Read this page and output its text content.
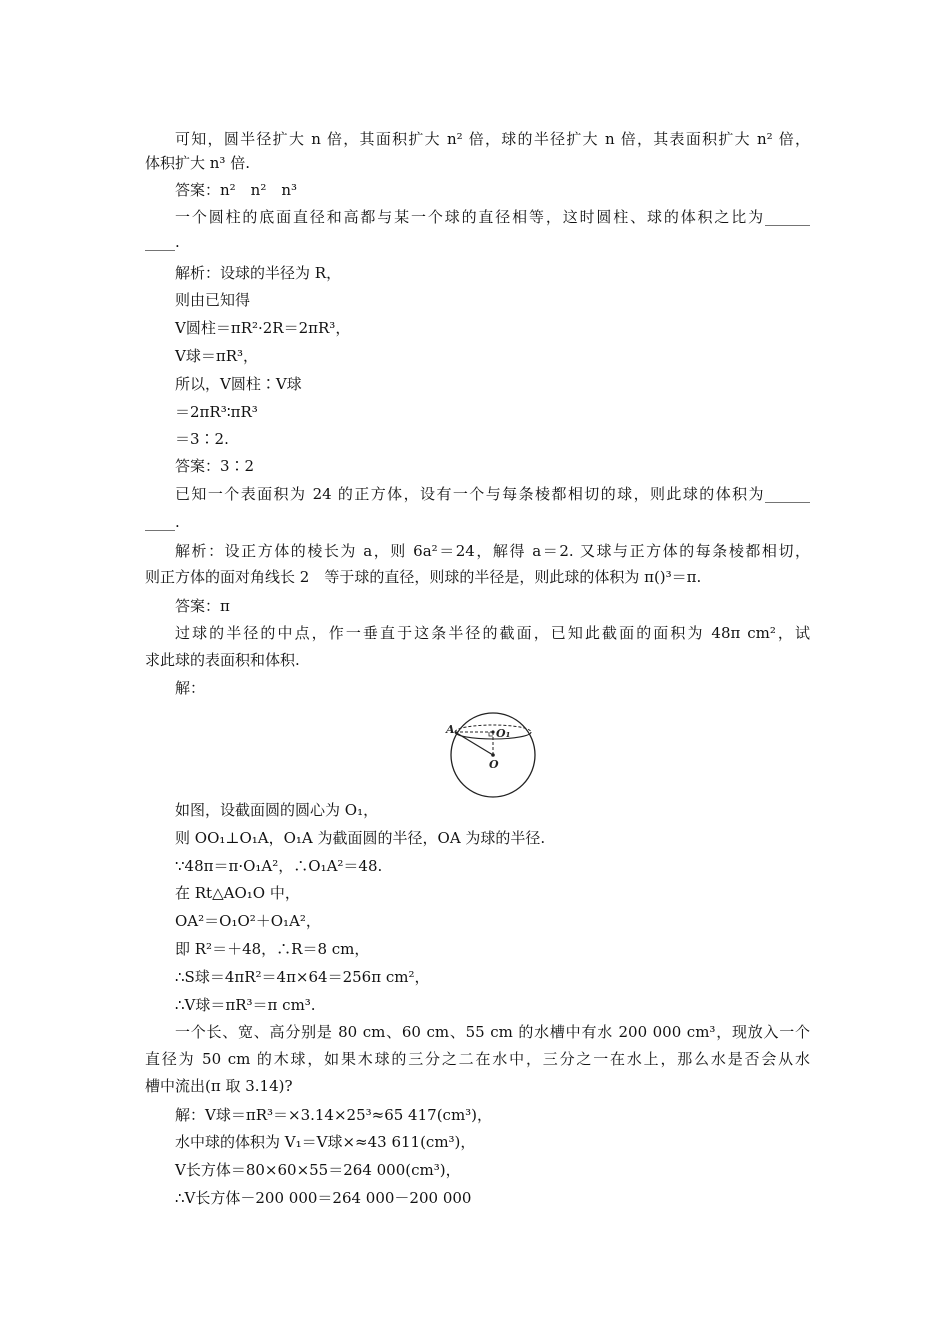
可知，圆半径扩大 n 倍，其面积扩大 n² 倍，球的半径扩大 n 倍，其表面积扩大 n² 倍，
体积扩大 n³ 倍.
答案：n²　n²　n³
一个圆柱的底面直径和高都与某一个球的直径相等，这时圆柱、球的体积之比为______
____.
解析：设球的半径为 R，
则由已知得
V圆柱＝πR²·2R＝2πR³，
V球＝πR³，
所以，V圆柱∶V球
＝2πR³∶πR³
＝3∶2.
答案：3∶2
已知一个表面积为 24 的正方体，设有一个与每条棱都相切的球，则此球的体积为______
____.
解析：设正方体的棱长为 a，则 6a²＝24，解得 a＝2. 又球与正方体的每条棱都相切，
则正方体的面对角线长 2　等于球的直径，则球的半径是，则此球的体积为 π()³＝π.
答案：π
过球的半径的中点，作一垂直于这条半径的截面，已知此截面的面积为 48π cm²，试
求此球的表面积和体积.
解：
如图，设截面圆的圆心为 O₁，
则 OO₁⊥O₁A，O₁A 为截面圆的半径，OA 为球的半径.
∵48π＝π·O₁A²，∴O₁A²＝48.
在 Rt△AO₁O 中，
OA²＝O₁O²＋O₁A²，
即 R²＝＋48，∴R＝8 cm，
∴S球＝4πR²＝4π×64＝256π cm²，
∴V球＝πR³＝π cm³.
一个长、宽、高分别是 80 cm、60 cm、55 cm 的水槽中有水 200 000 cm³，现放入一个
直径为 50 cm 的木球，如果木球的三分之二在水中，三分之一在水上，那么水是否会从水
槽中流出(π 取 3.14)?
解：V球＝πR³＝×3.14×25³≈65 417(cm³)，
水中球的体积为 V₁＝V球×≈43 611(cm³)，
V长方体＝80×60×55＝264 000(cm³)，
∴V长方体－200 000＝264 000－200 000
A	O₁
O
